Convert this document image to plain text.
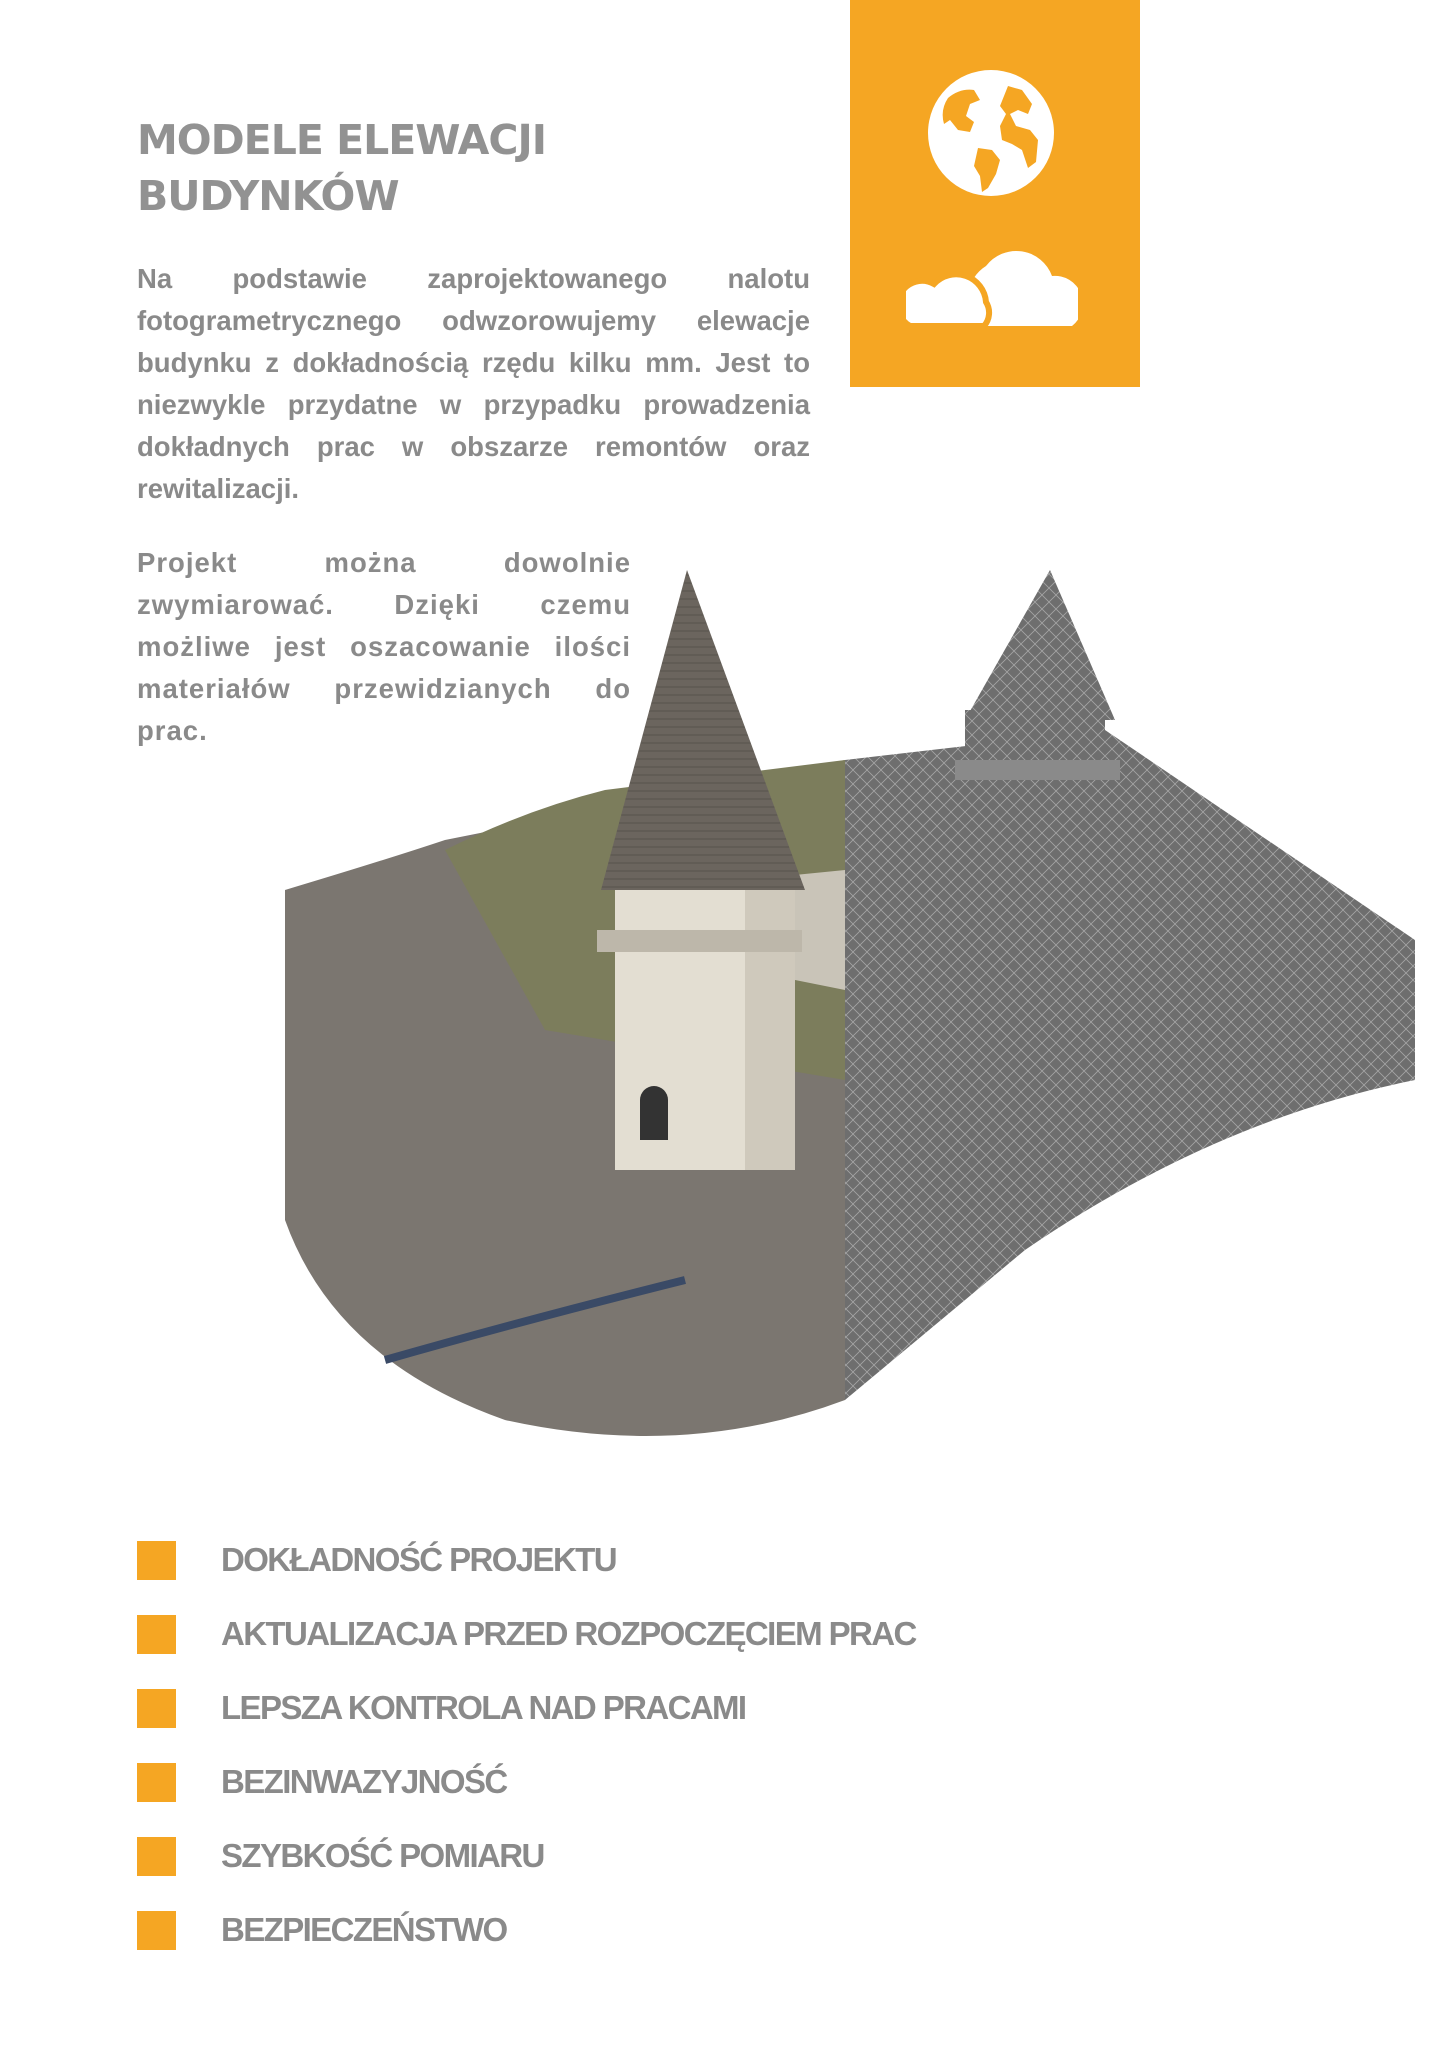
MODELE ELEWACJI
BUDYNKÓW

Na podstawie zaprojektowanego nalotu fotogrametrycznego odwzorowujemy elewacje budynku z dokładnością rzędu kilku mm. Jest to niezwykle przydatne w przypadku prowadzenia dokładnych prac w obszarze remontów oraz rewitalizacji.

Projekt można dowolnie zwymiarować. Dzięki czemu możliwe jest oszacowanie ilości materiałów przewidzianych do prac.

DOKŁADNOŚĆ PROJEKTU
AKTUALIZACJA PRZED ROZPOCZĘCIEM PRAC
LEPSZA KONTROLA NAD PRACAMI
BEZINWAZYJNOŚĆ
SZYBKOŚĆ POMIARU
BEZPIECZEŃSTWO
